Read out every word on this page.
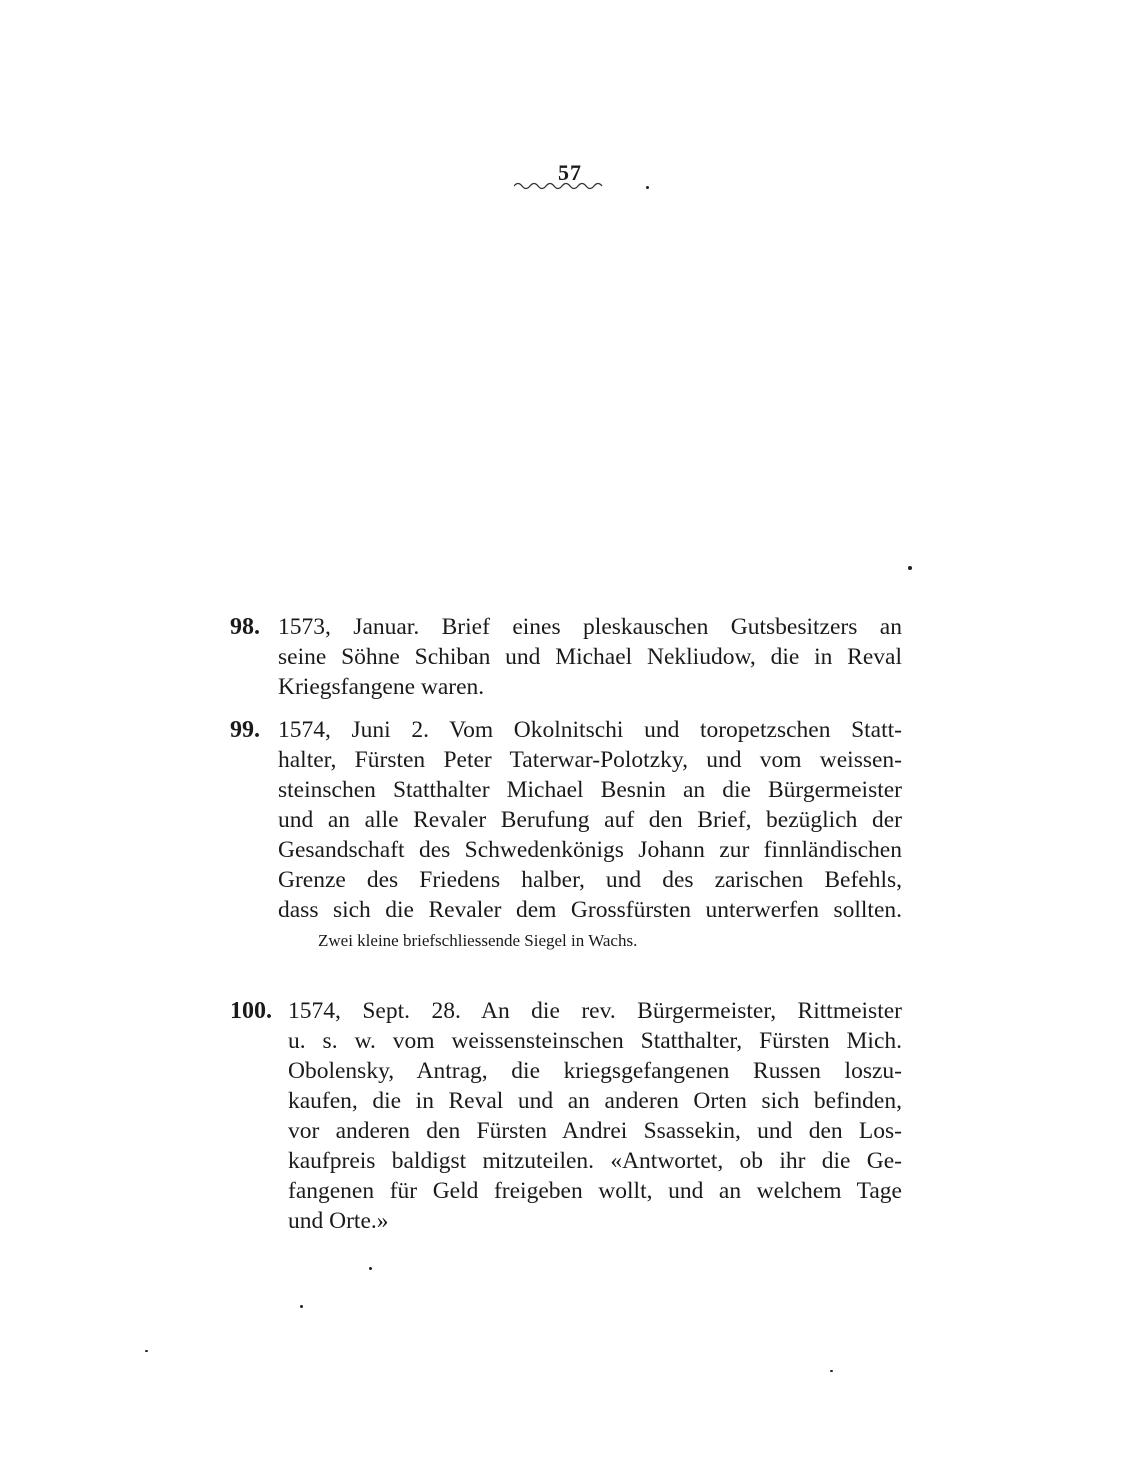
57
98. 1573, Januar. Brief eines pleskauschen Gutsbesitzers an
seine Söhne Schiban und Michael Nekliudow, die in Reval
Kriegsfangene waren.
99. 1574, Juni 2. Vom Okolnitschi und toropetzschen Statt-
halter, Fürsten Peter Taterwar-Polotzky, und vom weissen-
steinschen Statthalter Michael Besnin an die Bürgermeister
und an alle Revaler Berufung auf den Brief, bezüglich der
Gesandschaft des Schwedenkönigs Johann zur finnländischen
Grenze des Friedens halber, und des zarischen Befehls,
dass sich die Revaler dem Grossfürsten unterwerfen sollten.
Zwei kleine briefschliessende Siegel in Wachs.
100. 1574, Sept. 28. An die rev. Bürgermeister, Rittmeister
u. s. w. vom weissensteinschen Statthalter, Fürsten Mich.
Obolensky, Antrag, die kriegsgefangenen Russen loszu-
kaufen, die in Reval und an anderen Orten sich befinden,
vor anderen den Fürsten Andrei Ssassekin, und den Los-
kaufpreis baldigst mitzuteilen. «Antwortet, ob ihr die Ge-
fangenen für Geld freigeben wollt, und an welchem Tage
und Orte.»
